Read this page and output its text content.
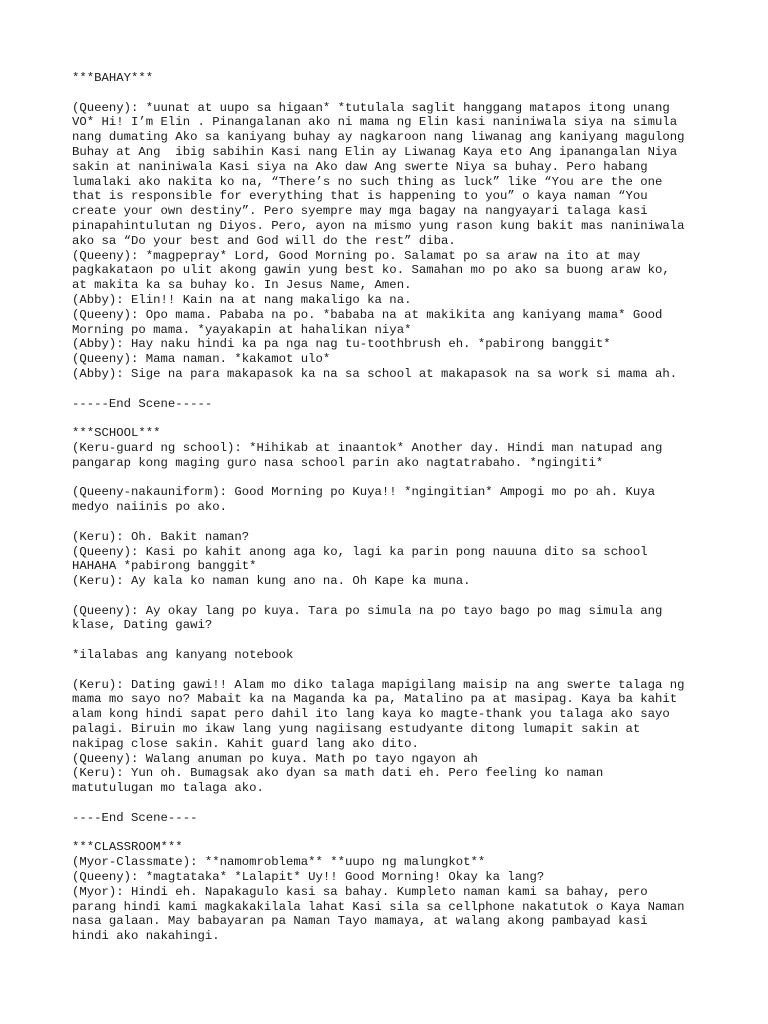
***BAHAY***
(Queeny): *uunat at uupo sa higaan* *tutulala saglit hanggang matapos itong unang
VO* Hi! I’m Elin . Pinangalanan ako ni mama ng Elin kasi naniniwala siya na simula
nang dumating Ako sa kaniyang buhay ay nagkaroon nang liwanag ang kaniyang magulong
Buhay at Ang  ibig sabihin Kasi nang Elin ay Liwanag Kaya eto Ang ipanangalan Niya
sakin at naniniwala Kasi siya na Ako daw Ang swerte Niya sa buhay. Pero habang
lumalaki ako nakita ko na, “There’s no such thing as luck” like “You are the one
that is responsible for everything that is happening to you” o kaya naman “You
create your own destiny”. Pero syempre may mga bagay na nangyayari talaga kasi
pinapahintulutan ng Diyos. Pero, ayon na mismo yung rason kung bakit mas naniniwala
ako sa “Do your best and God will do the rest” diba.
(Queeny): *magpepray* Lord, Good Morning po. Salamat po sa araw na ito at may
pagkakataon po ulit akong gawin yung best ko. Samahan mo po ako sa buong araw ko,
at makita ka sa buhay ko. In Jesus Name, Amen.
(Abby): Elin!! Kain na at nang makaligo ka na.
(Queeny): Opo mama. Pababa na po. *bababa na at makikita ang kaniyang mama* Good
Morning po mama. *yayakapin at hahalikan niya*
(Abby): Hay naku hindi ka pa nga nag tu-toothbrush eh. *pabirong banggit*
(Queeny): Mama naman. *kakamot ulo*
(Abby): Sige na para makapasok ka na sa school at makapasok na sa work si mama ah.
-----End Scene-----
***SCHOOL***
(Keru-guard ng school): *Hihikab at inaantok* Another day. Hindi man natupad ang
pangarap kong maging guro nasa school parin ako nagtatrabaho. *ngingiti*
(Queeny-nakauniform): Good Morning po Kuya!! *ngingitian* Ampogi mo po ah. Kuya
medyo naiinis po ako.
(Keru): Oh. Bakit naman?
(Queeny): Kasi po kahit anong aga ko, lagi ka parin pong nauuna dito sa school
HAHAHA *pabirong banggit*
(Keru): Ay kala ko naman kung ano na. Oh Kape ka muna.
(Queeny): Ay okay lang po kuya. Tara po simula na po tayo bago po mag simula ang
klase, Dating gawi?
*ilalabas ang kanyang notebook
(Keru): Dating gawi!! Alam mo diko talaga mapigilang maisip na ang swerte talaga ng
mama mo sayo no? Mabait ka na Maganda ka pa, Matalino pa at masipag. Kaya ba kahit
alam kong hindi sapat pero dahil ito lang kaya ko magte-thank you talaga ako sayo
palagi. Biruin mo ikaw lang yung nagiisang estudyante ditong lumapit sakin at
nakipag close sakin. Kahit guard lang ako dito.
(Queeny): Walang anuman po kuya. Math po tayo ngayon ah
(Keru): Yun oh. Bumagsak ako dyan sa math dati eh. Pero feeling ko naman
matutulugan mo talaga ako.
----End Scene----
***CLASSROOM***
(Myor-Classmate): **namomroblema** **uupo ng malungkot**
(Queeny): *magtataka* *Lalapit* Uy!! Good Morning! Okay ka lang?
(Myor): Hindi eh. Napakagulo kasi sa bahay. Kumpleto naman kami sa bahay, pero
parang hindi kami magkakakilala lahat Kasi sila sa cellphone nakatutok o Kaya Naman
nasa galaan. May babayaran pa Naman Tayo mamaya, at walang akong pambayad kasi
hindi ako nakahingi.
